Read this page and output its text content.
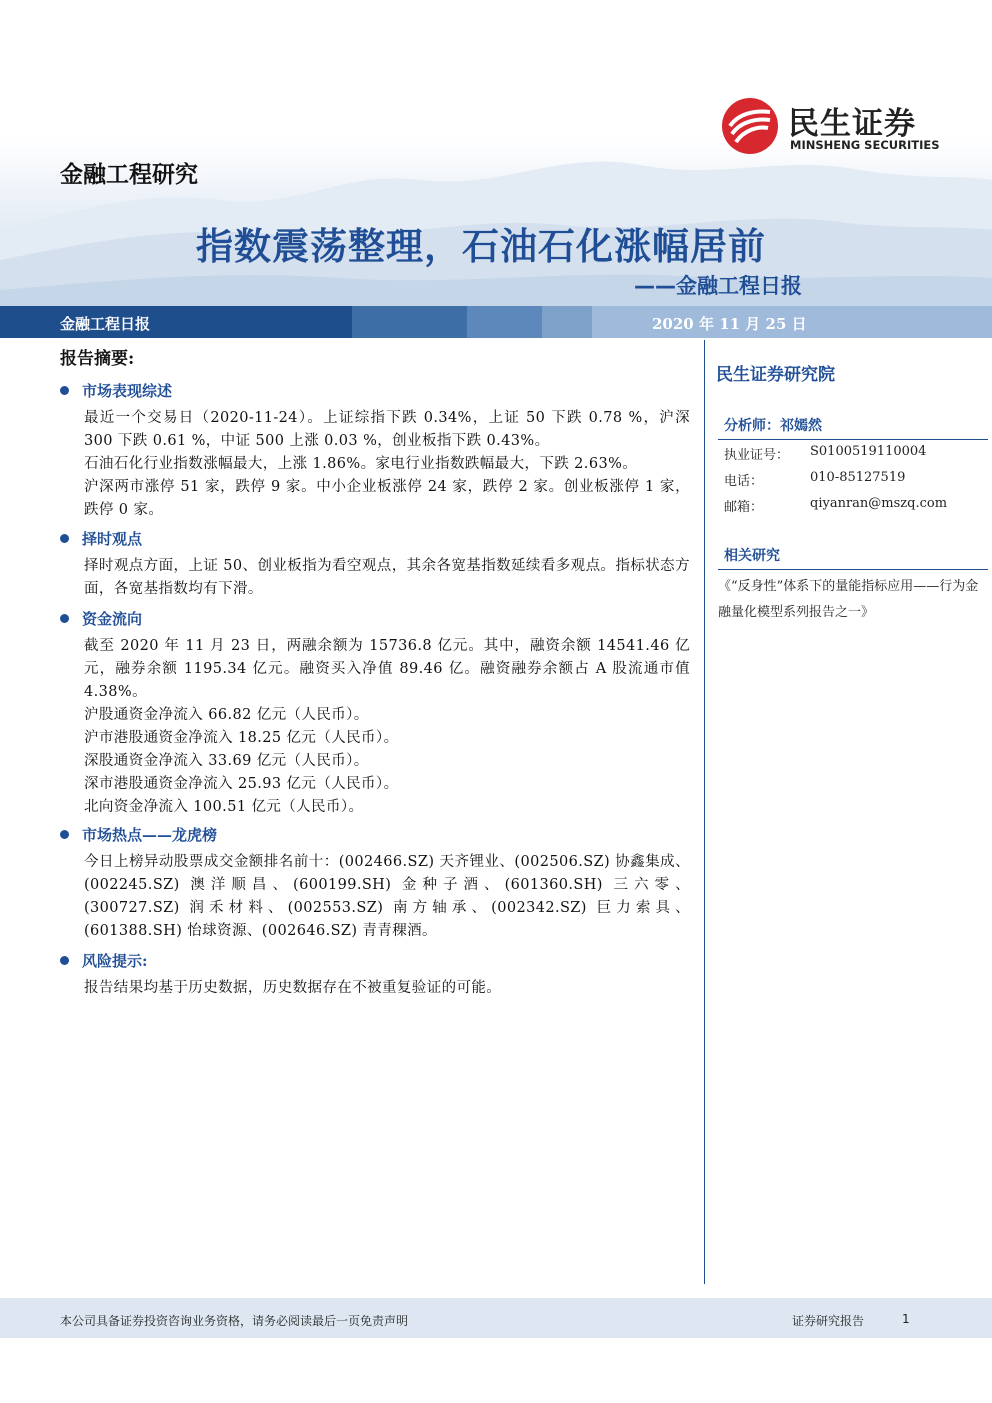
民生证券
MINSHENG SECURITIES
金融工程研究
指数震荡整理，石油石化涨幅居前
——金融工程日报
金融工程日报	2020 年 11 月 25 日
报告摘要:
市场表现综述

最近一个交易日（2020-11-24）。上证综指下跌 0.34%，上证 50 下跌 0.78 %，沪深 300 下跌 0.61 %，中证 500 上涨 0.03 %，创业板指下跌 0.43%。

石油石化行业指数涨幅最大，上涨 1.86%。家电行业指数跌幅最大，下跌 2.63%。

沪深两市涨停 51 家，跌停 9 家。中小企业板涨停 24 家，跌停 2 家。创业板涨停 1 家，跌停 0 家。

择时观点

择时观点方面，上证 50、创业板指为看空观点，其余各宽基指数延续看多观点。指标状态方面，各宽基指数均有下滑。

资金流向

截至 2020 年 11 月 23 日，两融余额为 15736.8 亿元。其中，融资余额 14541.46 亿元，融券余额 1195.34 亿元。融资买入净值 89.46 亿。融资融券余额占 A 股流通市值 4.38%。

沪股通资金净流入 66.82 亿元（人民币）。

沪市港股通资金净流入 18.25 亿元（人民币）。

深股通资金净流入 33.69 亿元（人民币）。

深市港股通资金净流入 25.93 亿元（人民币）。

北向资金净流入 100.51 亿元（人民币）。

市场热点——龙虎榜

今日上榜异动股票成交金额排名前十：(002466.SZ) 天齐锂业、(002506.SZ) 协鑫集成、(002245.SZ) 澳洋顺昌、(600199.SH) 金种子酒、(601360.SH) 三六零、(300727.SZ) 润禾材料、(002553.SZ) 南方轴承、(002342.SZ) 巨力索具、(601388.SH) 怡球资源、(002646.SZ) 青青稞酒。

风险提示:

报告结果均基于历史数据，历史数据存在不被重复验证的可能。

民生证券研究院
分析师：祁嫣然
执业证号： S0100519110004
电话：	010-85127519
邮箱：	qiyanran@mszq.com
相关研究
《“反身性”体系下的量能指标应用——行为金融量化模型系列报告之一》
本公司具备证券投资咨询业务资格，请务必阅读最后一页免责声明	证券研究报告	1
